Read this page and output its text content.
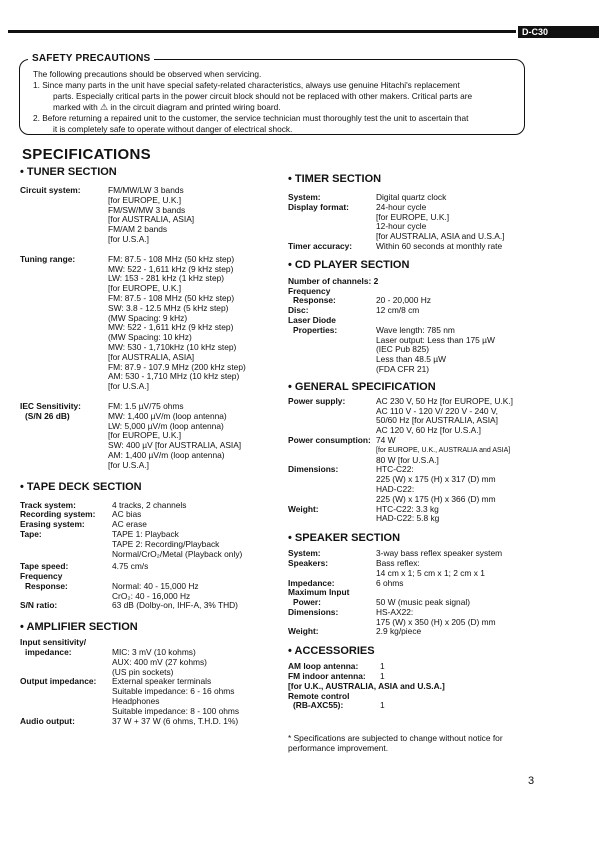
D-C30
SAFETY PRECAUTIONS

The following precautions should be observed when servicing.

1. Since many parts in the unit have special safety-related characteristics, always use genuine Hitachi's replacement
parts. Especially critical parts in the power circuit block should not be replaced with other makers. Critical parts are
marked with ⚠ in the circuit diagram and printed wiring board.

2. Before returning a repaired unit to the customer, the service technician must thoroughly test the unit to ascertain that
it is completely safe to operate without danger of electrical shock.

SPECIFICATIONS

• TUNER SECTION

Circuit system:	FM/MW/LW 3 bands
[for EUROPE, U.K.]
FM/SW/MW 3 bands
[for AUSTRALIA, ASIA]
FM/AM 2 bands
[for U.S.A.]
Tuning range:	FM: 87.5 - 108 MHz (50 kHz step)
MW: 522 - 1,611 kHz (9 kHz step)
LW: 153 - 281 kHz (1 kHz step)
[for EUROPE, U.K.]
FM: 87.5 - 108 MHz (50 kHz step)
SW: 3.8 - 12.5 MHz (5 kHz step)
(MW Spacing: 9 kHz)
MW: 522 - 1,611 kHz (9 kHz step)
(MW Spacing: 10 kHz)
MW: 530 - 1,710kHz (10 kHz step)
[for AUSTRALIA, ASIA]
FM: 87.9 - 107.9 MHz (200 kHz step)
AM: 530 - 1,710 MHz (10 kHz step)
[for U.S.A.]
IEC Sensitivity:
(S/N 26 dB)
FM: 1.5 µV/75 ohms
MW: 1,400 µV/m (loop antenna)
LW: 5,000 µV/m (loop antenna)
[for EUROPE, U.K.]
SW: 400 µV [for AUSTRALIA, ASIA]
AM: 1,400 µV/m (loop antenna)
[for U.S.A.]

• TAPE DECK SECTION

Track system:	4 tracks, 2 channels
Recording system:	AC bias
Erasing system:	AC erase
Tape:	TAPE 1: Playback
TAPE 2: Recording/Playback
Normal/CrO₂/Metal (Playback only)
Tape speed:	4.75 cm/s
Frequency
Response:
	Normal: 40 - 15,000 Hz
CrO₂: 40 - 16,000 Hz
S/N ratio:	63 dB (Dolby-on, IHF-A, 3% THD)

• AMPLIFIER SECTION

Input sensitivity/
impedance:
	MIC: 3 mV (10 kohms)
AUX: 400 mV (27 kohms)
(US pin sockets)
Output impedance:	External speaker terminals
Suitable impedance: 6 - 16 ohms
Headphones
Suitable impedance: 8 - 100 ohms
Audio output:	37 W + 37 W (6 ohms, T.H.D. 1%)

• TIMER SECTION

System:	Digital quartz clock
Display format:	24-hour cycle
[for EUROPE, U.K.]
12-hour cycle
[for AUSTRALIA, ASIA and U.S.A.]
Timer accuracy:	Within 60 seconds at monthly rate

• CD PLAYER SECTION

Number of channels: 2
Frequency
Response:
	20 - 20,000 Hz
Disc:	12 cm/8 cm
Laser Diode
Properties:
	Wave length: 785 nm
Laser output: Less than 175 µW
(IEC Pub 825)
Less than 48.5 µW
(FDA CFR 21)

• GENERAL SPECIFICATION

Power supply:	AC 230 V, 50 Hz [for EUROPE, U.K.]
AC 110 V - 120 V/ 220 V - 240 V,
50/60 Hz [for AUSTRALIA, ASIA]
AC 120 V, 60 Hz [for U.S.A.]
Power consumption: 74 W
[for EUROPE, U.K., AUSTRALIA and ASIA]
80 W [for U.S.A.]
Dimensions:	HTC-C22:
225 (W) x 175 (H) x 317 (D) mm
HAD-C22:
225 (W) x 175 (H) x 366 (D) mm
Weight:	HTC-C22: 3.3 kg
HAD-C22: 5.8 kg

• SPEAKER SECTION

System:	3-way bass reflex speaker system
Speakers:	Bass reflex:
14 cm x 1; 5 cm x 1; 2 cm x 1
Impedance:	6 ohms
Maximum Input
Power:
	50 W (music peak signal)
Dimensions:	HS-AX22:
175 (W) x 350 (H) x 205 (D) mm
Weight:	2.9 kg/piece

• ACCESSORIES

AM loop antenna:	1
FM indoor antenna:	1
[for U.K., AUSTRALIA, ASIA and U.S.A.]
Remote control
(RB-AXC55):
	1
* Specifications are subjected to change without notice for
performance improvement.
3
